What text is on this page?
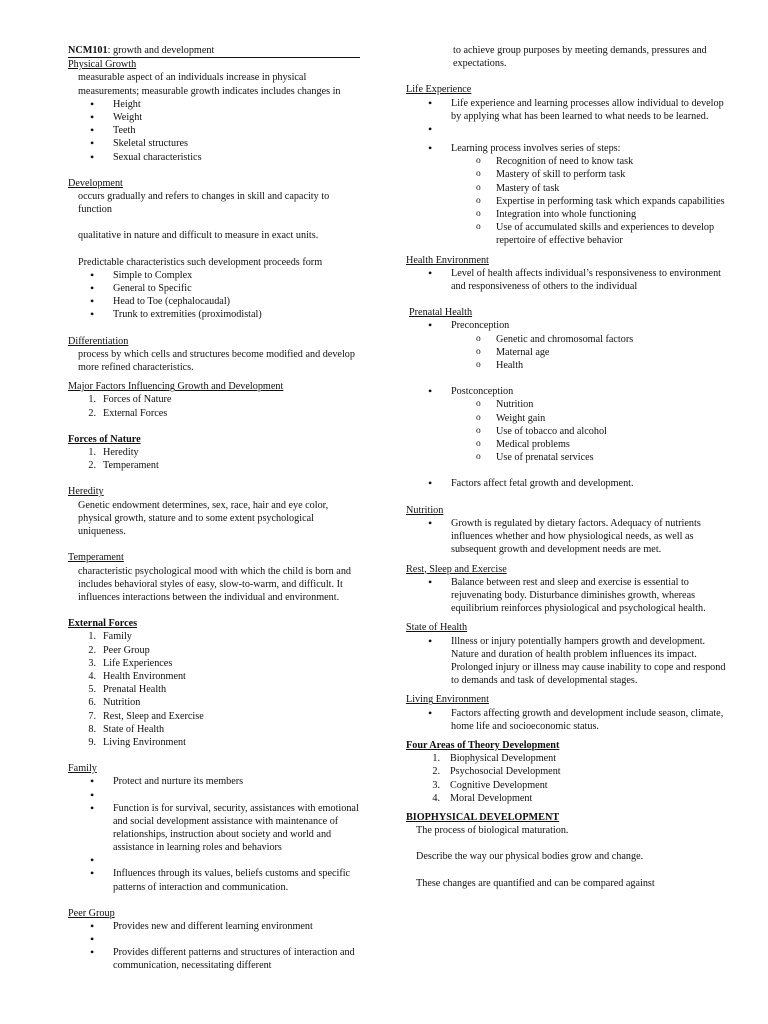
NCM101: growth and development
Physical Growth
measurable aspect of an individuals increase in physical measurements; measurable growth indicates includes changes in
• Height
• Weight
• Teeth
• Skeletal structures
• Sexual characteristics
Development
occurs gradually and refers to changes in skill and capacity to function
qualitative in nature and difficult to measure in exact units.
Predictable characteristics such development proceeds form
• Simple to Complex
• General to Specific
• Head to Toe (cephalocaudal)
• Trunk to extremities (proximodistal)
Differentiation
process by which cells and structures become modified and develop more refined characteristics.
Major Factors Influencing Growth and Development
1. Forces of Nature
2. External Forces
Forces of Nature
1. Heredity
2. Temperament
Heredity
Genetic endowment determines, sex, race, hair and eye color, physical growth, stature and to some extent psychological uniqueness.
Temperament
characteristic psychological mood with which the child is born and includes behavioral styles of easy, slow-to-warm, and difficult. It influences interactions between the individual and environment.
External Forces
1. Family
2. Peer Group
3. Life Experiences
4. Health Environment
5. Prenatal Health
6. Nutrition
7. Rest, Sleep and Exercise
8. State of Health
9. Living Environment
Family
• Protect and nurture its members
•
• Function is for survival, security, assistances with emotional and social development assistance with maintenance of relationships, instruction about society and world and assistance in learning roles and behaviors
•
• Influences through its values, beliefs customs and specific patterns of interaction and communication.
Peer Group
• Provides new and different learning environment
•
• Provides different patterns and structures of interaction and communication, necessitating different
to achieve group purposes by meeting demands, pressures and expectations.
Life Experience
• Life experience and learning processes allow individual to develop by applying what has been learned to what needs to be learned.
•
• Learning process involves series of steps:
o Recognition of need to know task
o Mastery of skill to perform task
o Mastery of task
o Expertise in performing task which expands capabilities
o Integration into whole functioning
o Use of accumulated skills and experiences to develop repertoire of effective behavior
Health Environment
• Level of health affects individual’s responsiveness to environment and responsiveness of others to the individual
Prenatal Health
• Preconception
o Genetic and chromosomal factors
o Maternal age
o Health
• Postconception
o Nutrition
o Weight gain
o Use of tobacco and alcohol
o Medical problems
o Use of prenatal services
• Factors affect fetal growth and development.
Nutrition
• Growth is regulated by dietary factors. Adequacy of nutrients influences whether and how physiological needs, as well as subsequent growth and development needs are met.
Rest, Sleep and Exercise
• Balance between rest and sleep and exercise is essential to rejuvenating body. Disturbance diminishes growth, whereas equilibrium reinforces physiological and psychological health.
State of Health
• Illness or injury potentially hampers growth and development. Nature and duration of health problem influences its impact. Prolonged injury or illness may cause inability to cope and respond to demands and task of developmental stages.
Living Environment
• Factors affecting growth and development include season, climate, home life and socioeconomic status.
Four Areas of Theory Development
1. Biophysical Development
2. Psychosocial Development
3. Cognitive Development
4. Moral Development
BIOPHYSICAL DEVELOPMENT
The process of biological maturation.
Describe the way our physical bodies grow and change.
These changes are quantified and can be compared against
